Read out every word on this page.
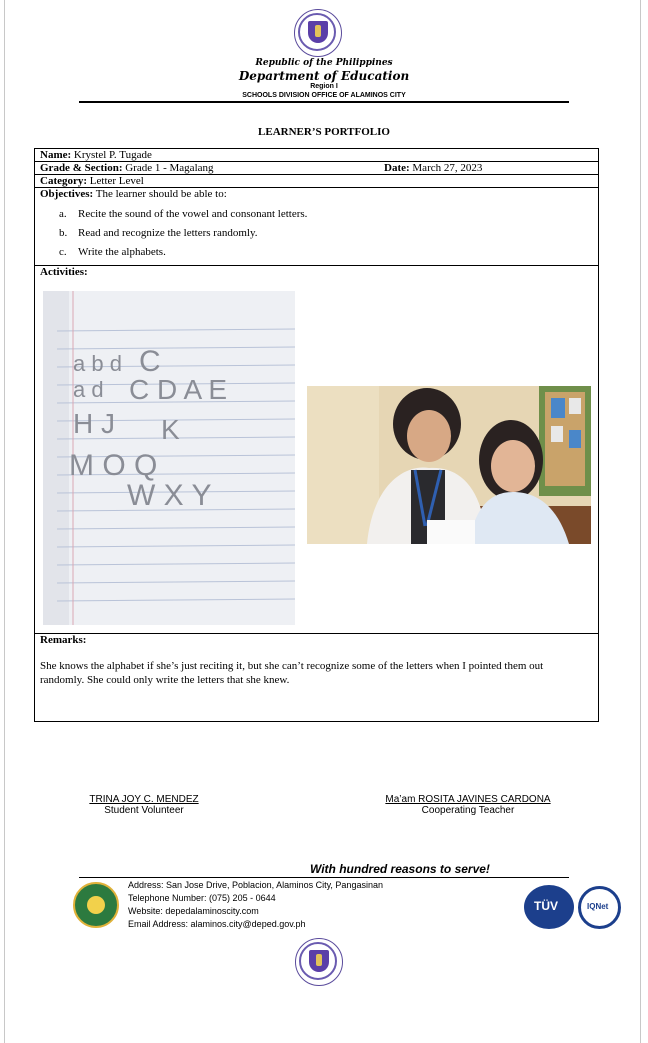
Republic of the Philippines
Department of Education
Region I
SCHOOLS DIVISION OFFICE OF ALAMINOS CITY
LEARNER’S PORTFOLIO
Name: Krystel P. Tugade
Grade & Section: Grade 1 - Magalang	Date: March 27, 2023
Category: Letter Level
Objectives: The learner should be able to:
a. Recite the sound of the vowel and consonant letters.
b. Read and recognize the letters randomly.
c. Write the alphabets.
Activities:
a b d C
a d C D A E
H J K
M O Q
W X Y
Remarks:
She knows the alphabet if she’s just reciting it, but she can’t recognize some of the letters when I pointed them out randomly. She could only write the letters that she knew.
TRINA JOY C. MENDEZ
Student Volunteer
Ma’am ROSITA JAVINES CARDONA
Cooperating Teacher
With hundred reasons to serve!
Address: San Jose Drive, Poblacion, Alaminos City, Pangasinan
Telephone Number: (075) 205 - 0644
Website: depedalaminoscity.com
Email Address: alaminos.city@deped.gov.ph
TÜV	IQNet
